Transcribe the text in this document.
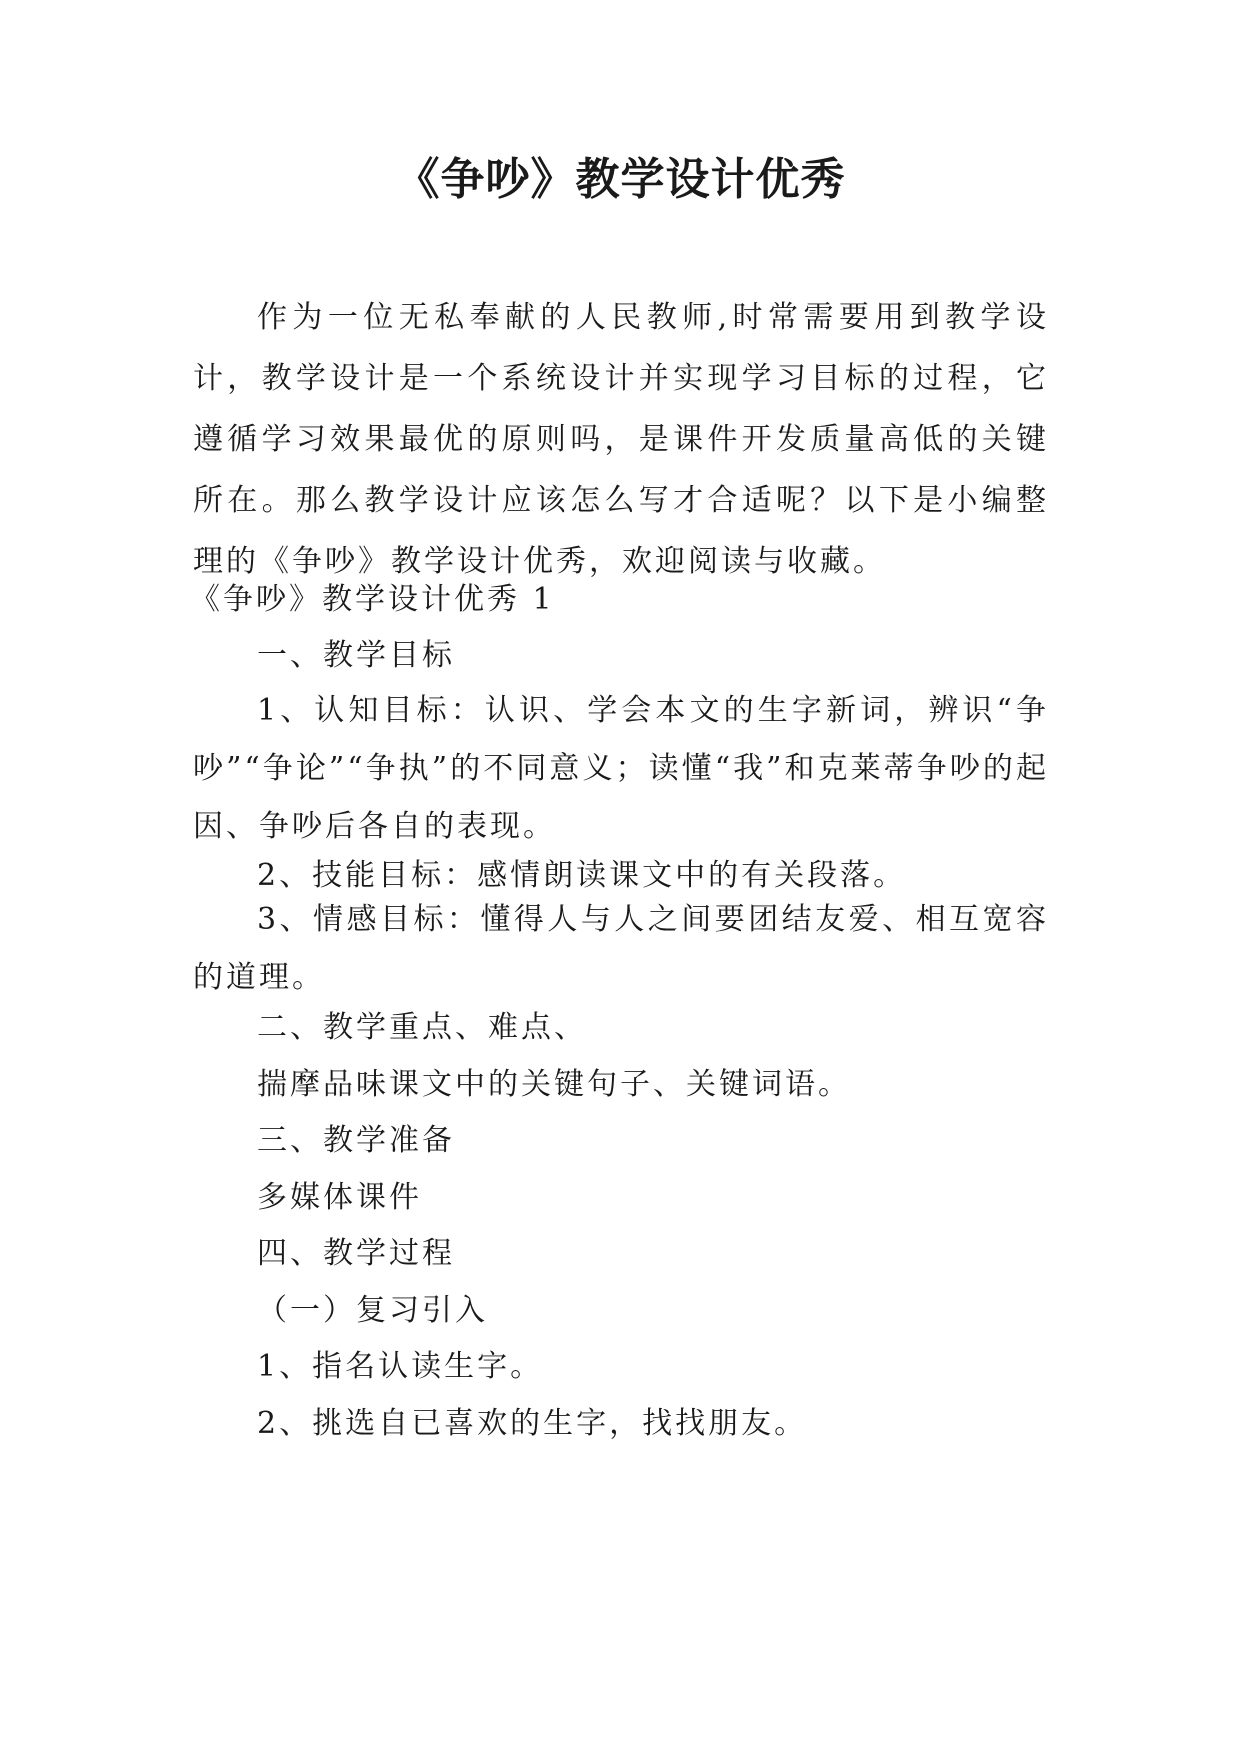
《争吵》教学设计优秀

作为一位无私奉献的人民教师,时常需要用到教学设计，教学设计是一个系统设计并实现学习目标的过程，它遵循学习效果最优的原则吗，是课件开发质量高低的关键所在。那么教学设计应该怎么写才合适呢？以下是小编整理的《争吵》教学设计优秀，欢迎阅读与收藏。

《争吵》教学设计优秀 1

一、教学目标

1、认知目标：认识、学会本文的生字新词，辨识“争吵”“争论”“争执”的不同意义；读懂“我”和克莱蒂争吵的起因、争吵后各自的表现。

2、技能目标：感情朗读课文中的有关段落。

3、情感目标：懂得人与人之间要团结友爱、相互宽容的道理。

二、教学重点、难点、

揣摩品味课文中的关键句子、关键词语。

三、教学准备

多媒体课件

四、教学过程

（一）复习引入

1、指名认读生字。

2、挑选自已喜欢的生字，找找朋友。
